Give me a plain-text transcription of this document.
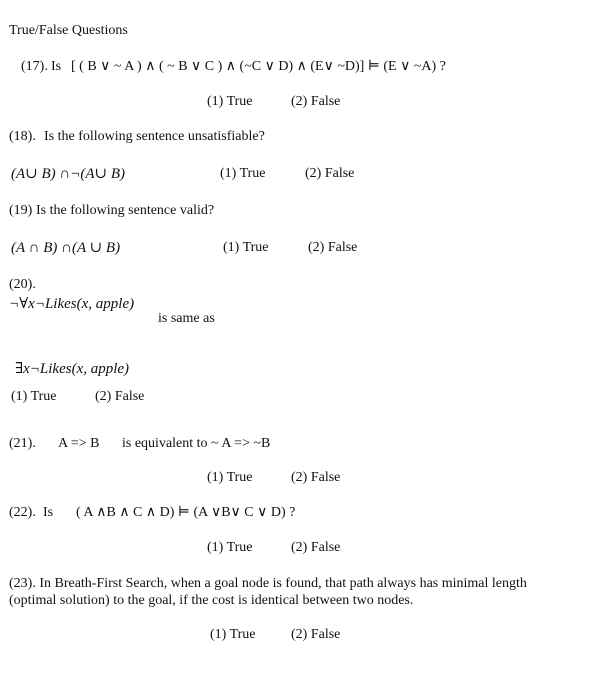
True/False Questions
(17). Is [ ( B ∨ ~ A ) ∧ ( ~ B ∨ C ) ∧ (~C ∨ D) ∧ (E∨ ~D)] ⊨ (E ∨ ~A) ?
(1) True	(2) False
(18). Is the following sentence unsatisfiable?
(A∪ B) ∩¬(A∪ B)	(1) True	(2) False
(19) Is the following sentence valid?
(A ∩ B) ∩(A ∪ B)	(1) True	(2) False
(20).
¬∀x¬Likes(x, apple)
is same as
∃x¬Likes(x, apple)
(1) True	(2) False
(21). A => B is equivalent to ~ A => ~B
(1) True	(2) False
(22). Is ( A ∧B ∧ C ∧ D) ⊨ (A ∨B∨ C ∨ D) ?
(1) True	(2) False
(23). In Breath-First Search, when a goal node is found, that path always has minimal length (optimal solution) to the goal, if the cost is identical between two nodes.
(1) True	(2) False
